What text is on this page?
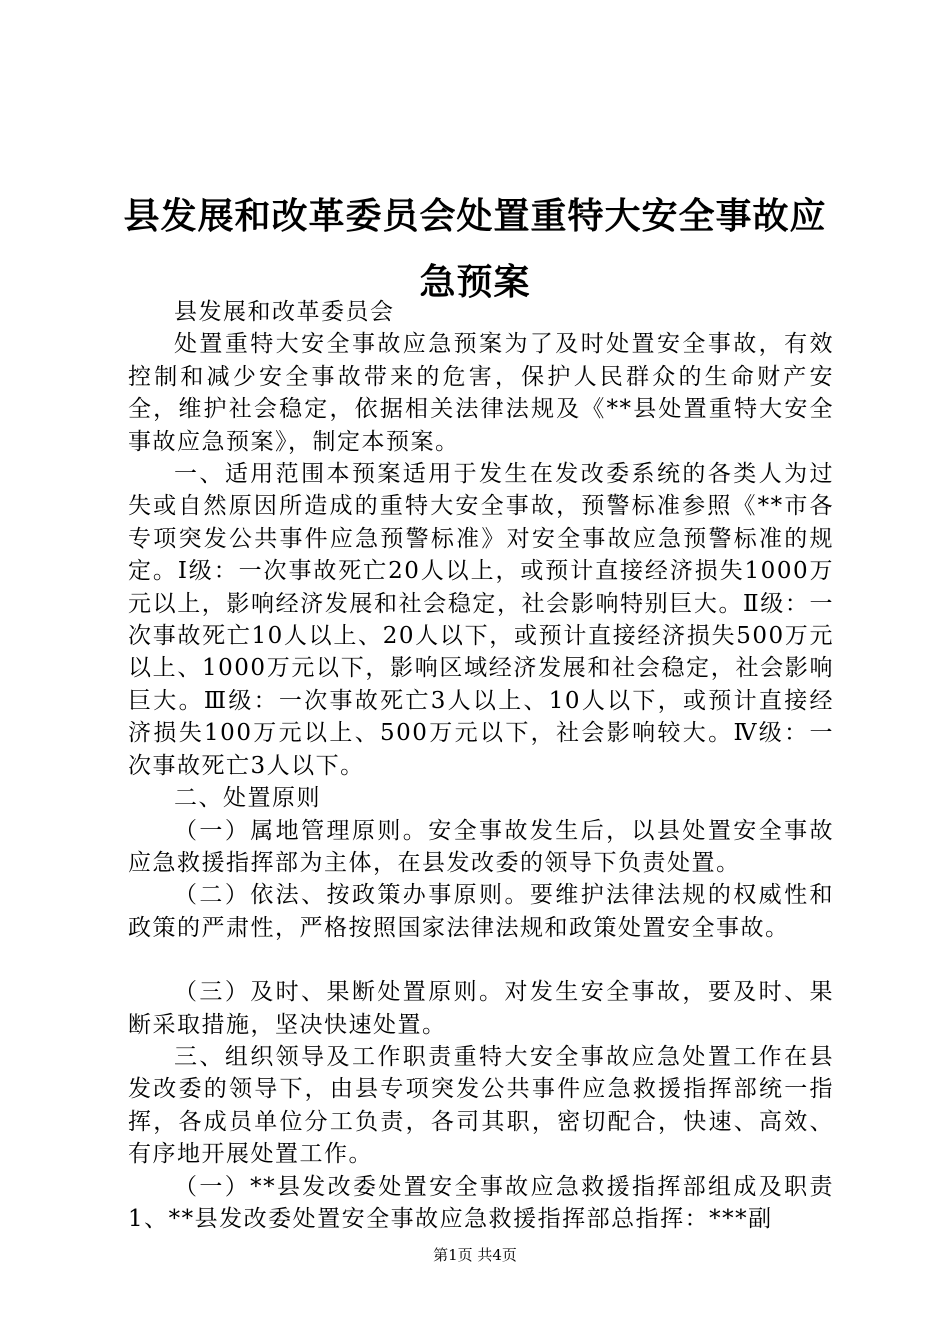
县发展和改革委员会处置重特大安全事故应急预案

县发展和改革委员会

处置重特大安全事故应急预案为了及时处置安全事故，有效控制和减少安全事故带来的危害，保护人民群众的生命财产安全，维护社会稳定，依据相关法律法规及《**县处置重特大安全事故应急预案》，制定本预案。

一、适用范围本预案适用于发生在发改委系统的各类人为过失或自然原因所造成的重特大安全事故，预警标准参照《**市各专项突发公共事件应急预警标准》对安全事故应急预警标准的规定。Ⅰ级：一次事故死亡20人以上，或预计直接经济损失1000万元以上，影响经济发展和社会稳定，社会影响特别巨大。Ⅱ级：一次事故死亡10人以上、20人以下，或预计直接经济损失500万元以上、1000万元以下，影响区域经济发展和社会稳定，社会影响巨大。Ⅲ级：一次事故死亡3人以上、10人以下，或预计直接经济损失100万元以上、500万元以下，社会影响较大。Ⅳ级：一次事故死亡3人以下。

二、处置原则

（一）属地管理原则。安全事故发生后，以县处置安全事故应急救援指挥部为主体，在县发改委的领导下负责处置。

（二）依法、按政策办事原则。要维护法律法规的权威性和政策的严肃性，严格按照国家法律法规和政策处置安全事故。

（三）及时、果断处置原则。对发生安全事故，要及时、果断采取措施，坚决快速处置。

三、组织领导及工作职责重特大安全事故应急处置工作在县发改委的领导下，由县专项突发公共事件应急救援指挥部统一指挥，各成员单位分工负责，各司其职，密切配合，快速、高效、有序地开展处置工作。

（一）**县发改委处置安全事故应急救援指挥部组成及职责1、**县发改委处置安全事故应急救援指挥部总指挥：***副

第1页 共4页
